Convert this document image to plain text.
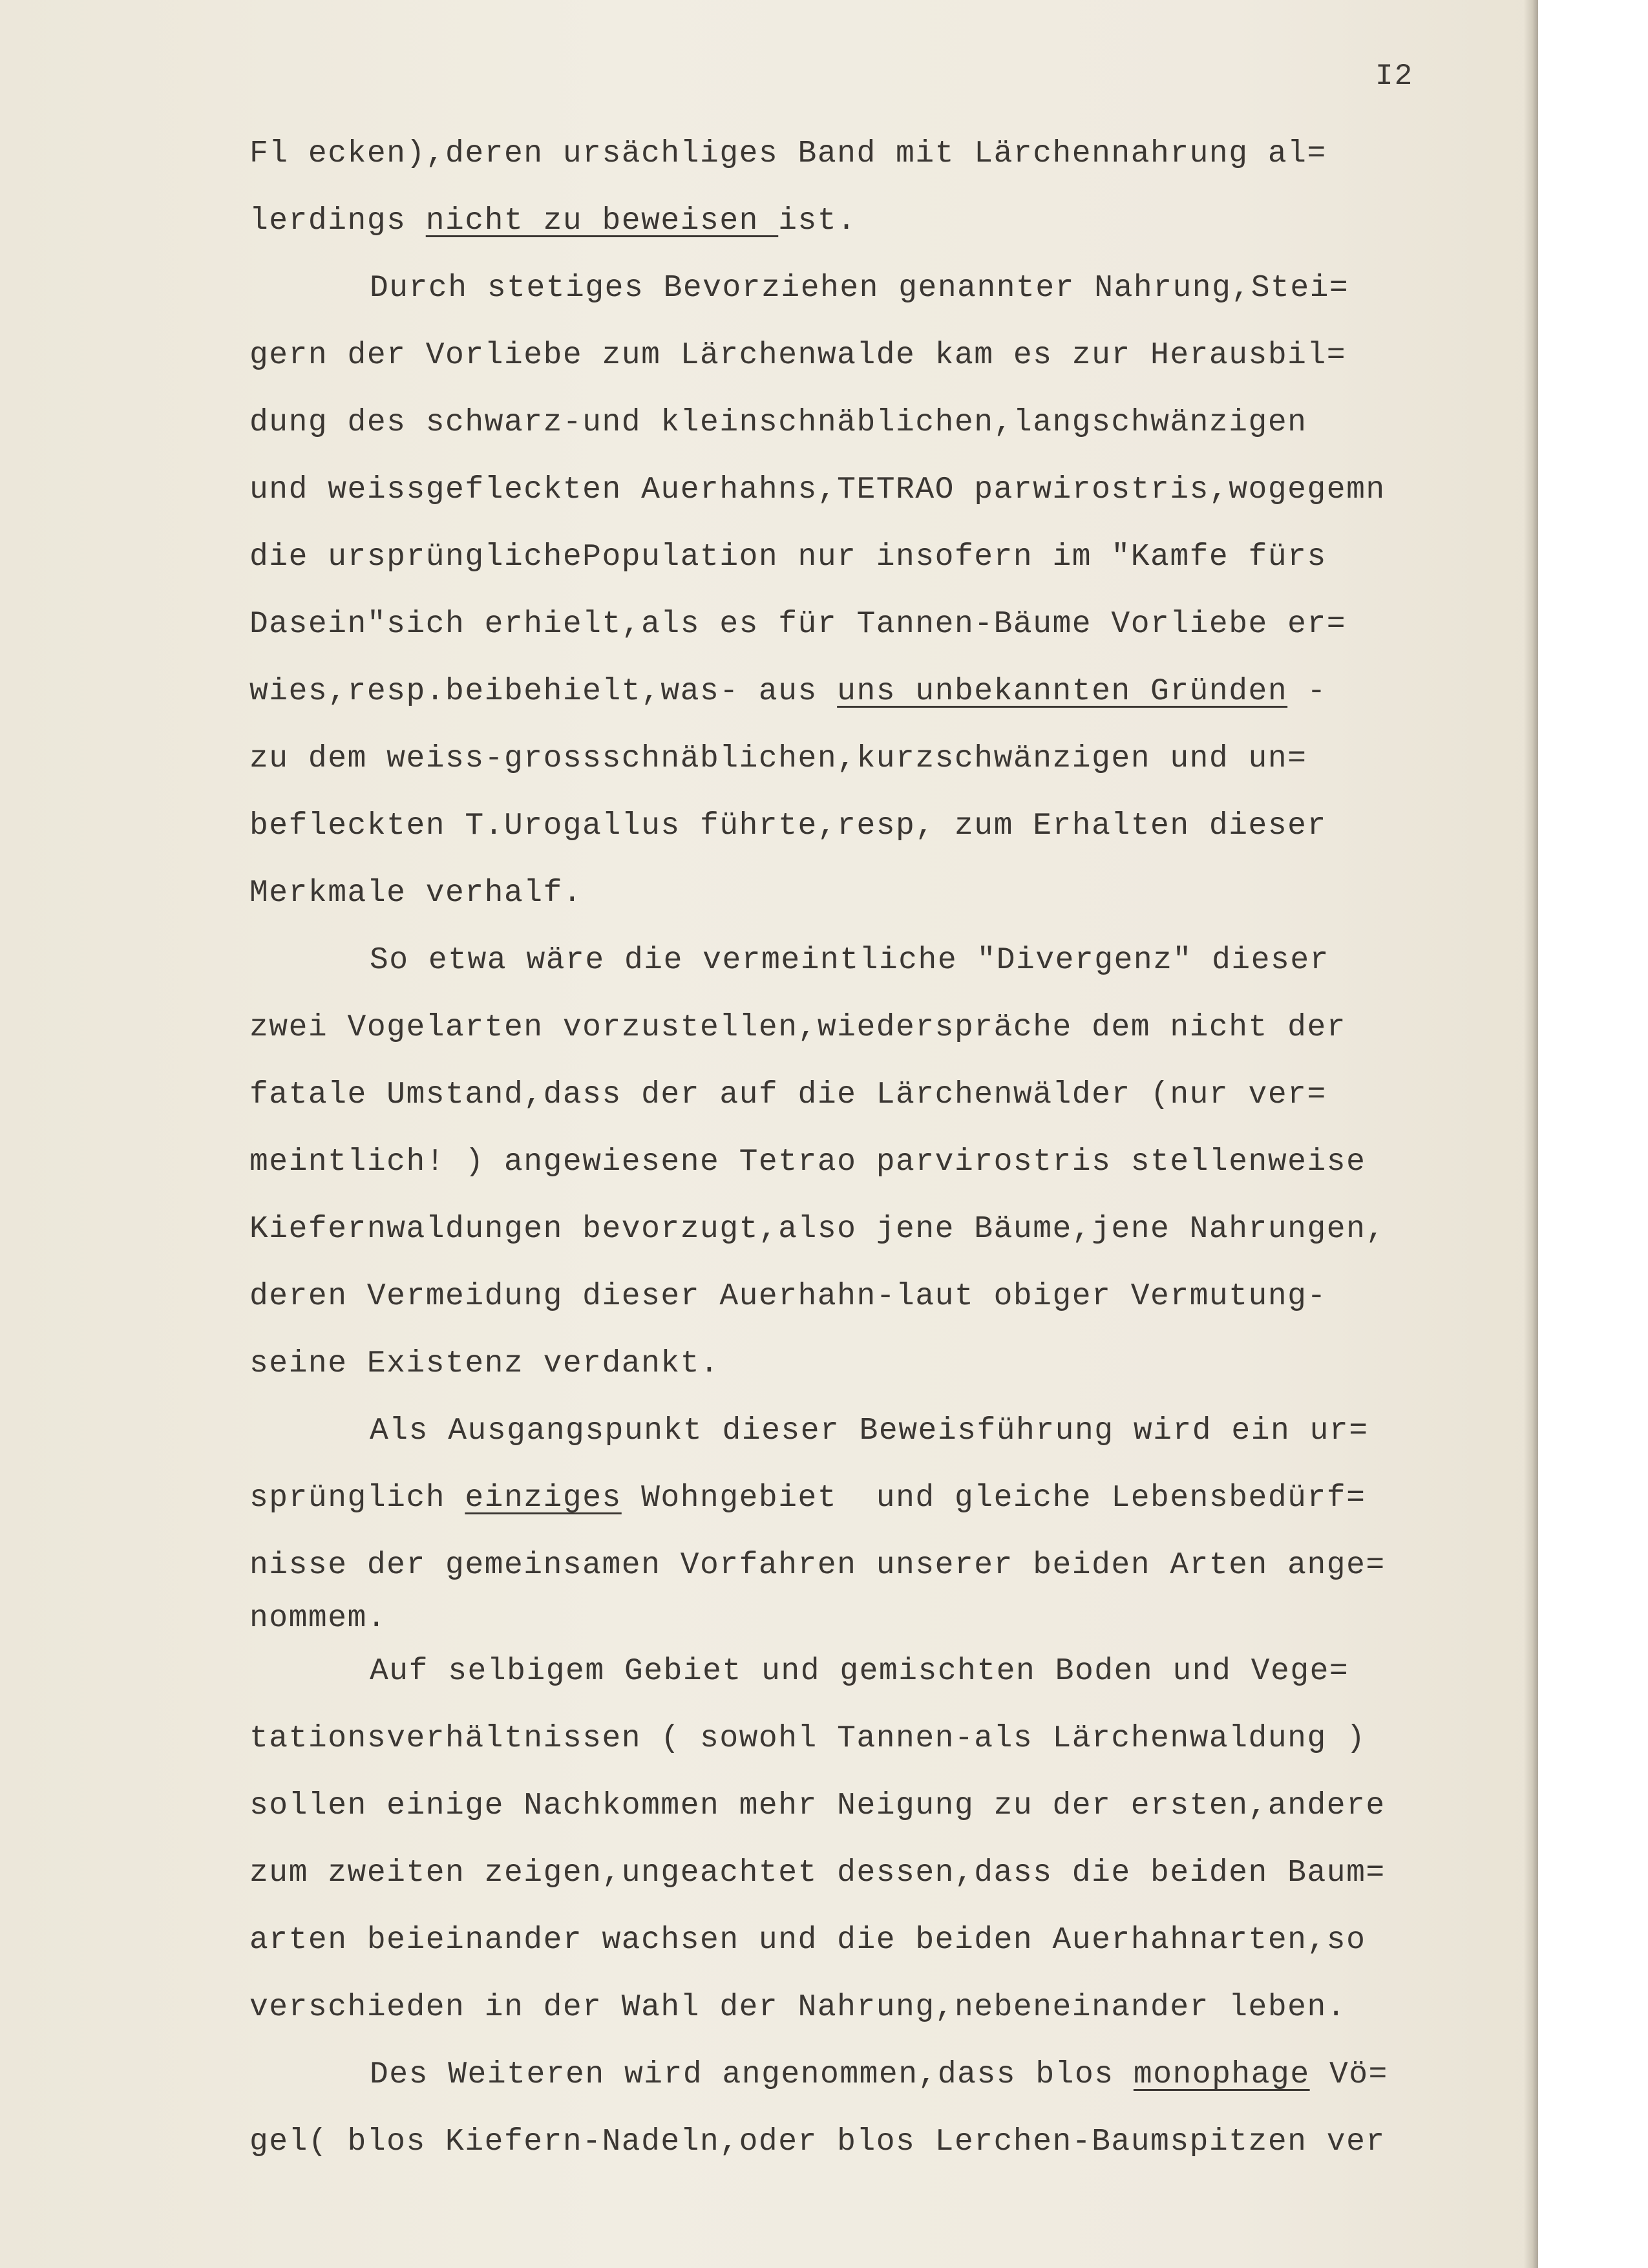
I2
Fl ecken),deren ursächliges Band mit Lärchennahrung al=
lerdings nicht zu beweisen ist.
Durch stetiges Bevorziehen genannter Nahrung,Stei=
gern der Vorliebe zum Lärchenwalde kam es zur Herausbil=
dung des schwarz-und kleinschnäblichen,langschwänzigen
und weissgefleckten Auerhahns,TETRAO parwirostris,wogegemn
die ursprünglichePopulation nur insofern im "Kamfe fürs
Dasein"sich erhielt,als es für Tannen-Bäume Vorliebe er=
wies,resp.beibehielt,was- aus uns unbekannten Gründen -
zu dem weiss-grossschnäblichen,kurzschwänzigen und un=
befleckten T.Urogallus führte,resp, zum Erhalten dieser
Merkmale verhalf.
So etwa wäre die vermeintliche "Divergenz" dieser
zwei Vogelarten vorzustellen,wiederspräche dem nicht der
fatale Umstand,dass der auf die Lärchenwälder (nur ver=
meintlich! ) angewiesene Tetrao parvirostris stellenweise
Kiefernwaldungen bevorzugt,also jene Bäume,jene Nahrungen,
deren Vermeidung dieser Auerhahn-laut obiger Vermutung-
seine Existenz verdankt.
Als Ausgangspunkt dieser Beweisführung wird ein ur=
sprünglich einziges Wohngebiet  und gleiche Lebensbedürf=
nisse der gemeinsamen Vorfahren unserer beiden Arten ange=
nommem.
Auf selbigem Gebiet und gemischten Boden und Vege=
tationsverhältnissen ( sowohl Tannen-als Lärchenwaldung )
sollen einige Nachkommen mehr Neigung zu der ersten,andere
zum zweiten zeigen,ungeachtet dessen,dass die beiden Baum=
arten beieinander wachsen und die beiden Auerhahnarten,so
verschieden in der Wahl der Nahrung,nebeneinander leben.
Des Weiteren wird angenommen,dass blos monophage Vö=
gel( blos Kiefern-Nadeln,oder blos Lerchen-Baumspitzen ver
